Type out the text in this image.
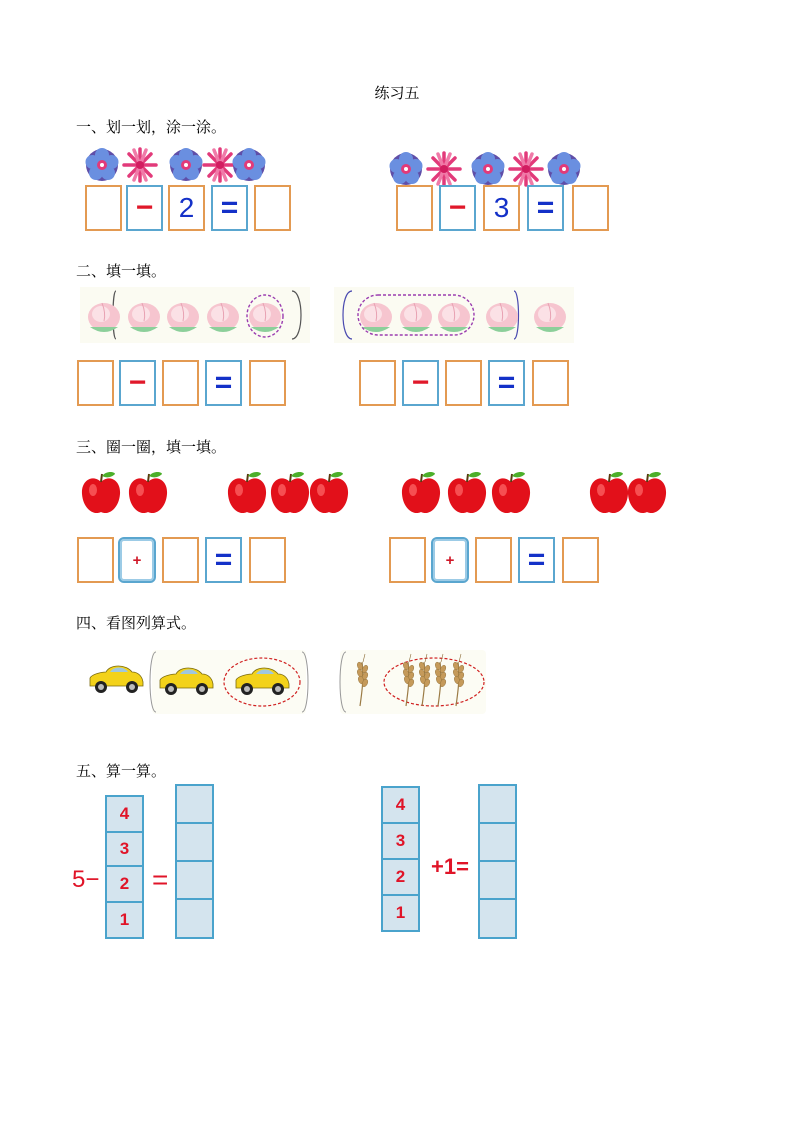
练习五
一、划一划，涂一涂。
− 2 =	− 3 =
二、填一填。
−	=	−	=
三、圈一圈，填一填。
+	=	+	=
四、看图列算式。
五、算一算。
5−
4
3
2
1
=
4
3
2
1
+1=
